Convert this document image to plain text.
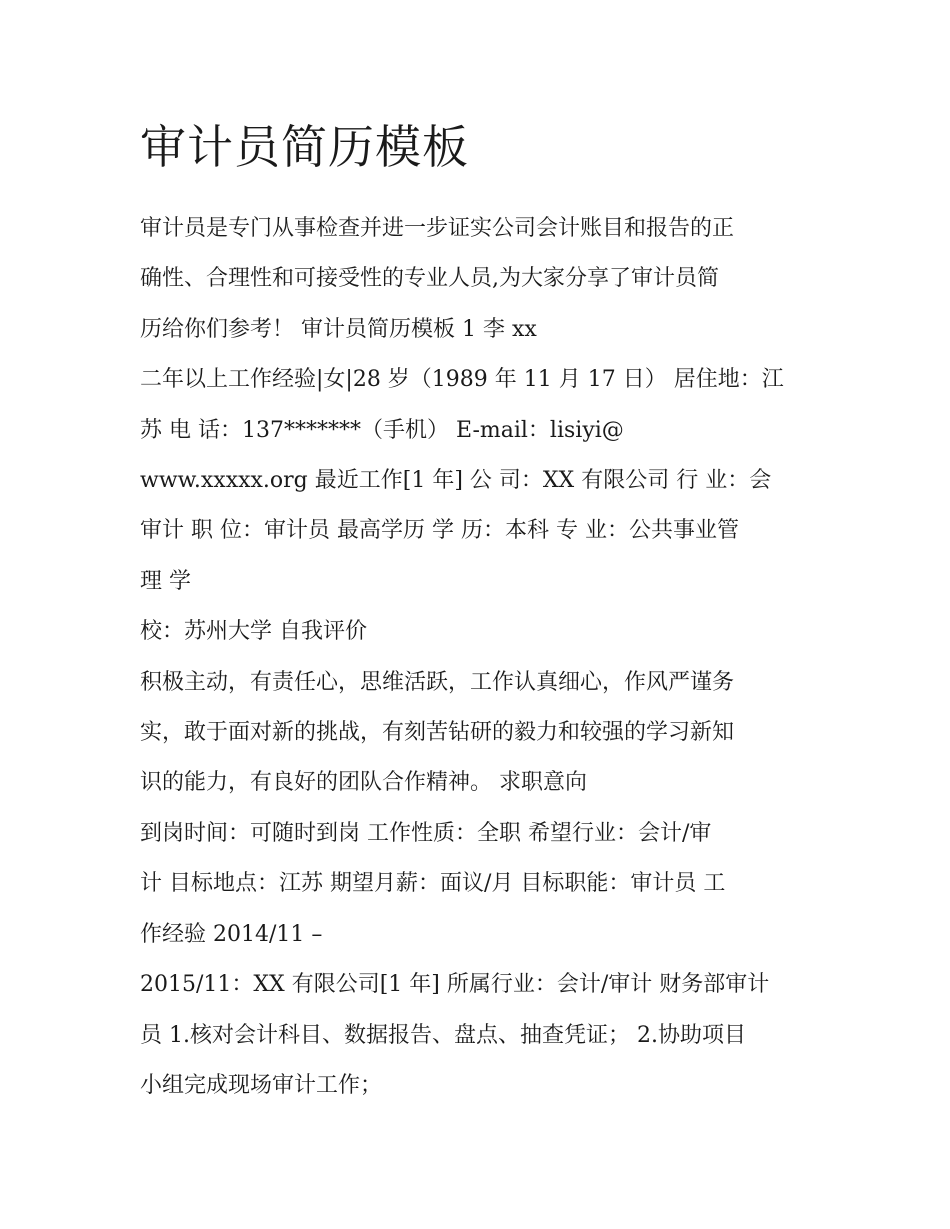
审计员简历模板

审计员是专门从事检查并进一步证实公司会计账目和报告的正

确性、合理性和可接受性的专业人员,为大家分享了审计员简

历给你们参考！ 审计员简历模板 1 李 xx

二年以上工作经验|女|28 岁（1989 年 11 月 17 日） 居住地：江

苏 电 话：137*******（手机） E-mail：lisiyi@

www.xxxxx.org 最近工作[1 年] 公 司：XX 有限公司 行 业：会

审计 职 位：审计员 最高学历 学 历：本科 专 业：公共事业管

理 学

校：苏州大学 自我评价

积极主动，有责任心，思维活跃，工作认真细心，作风严谨务

实，敢于面对新的挑战，有刻苦钻研的毅力和较强的学习新知

识的能力，有良好的团队合作精神。 求职意向

到岗时间：可随时到岗 工作性质：全职 希望行业：会计/审

计 目标地点：江苏 期望月薪：面议/月 目标职能：审计员 工

作经验 2014/11 –

2015/11：XX 有限公司[1 年] 所属行业：会计/审计 财务部审计

员 1.核对会计科目、数据报告、盘点、抽查凭证； 2.协助项目

小组完成现场审计工作；
